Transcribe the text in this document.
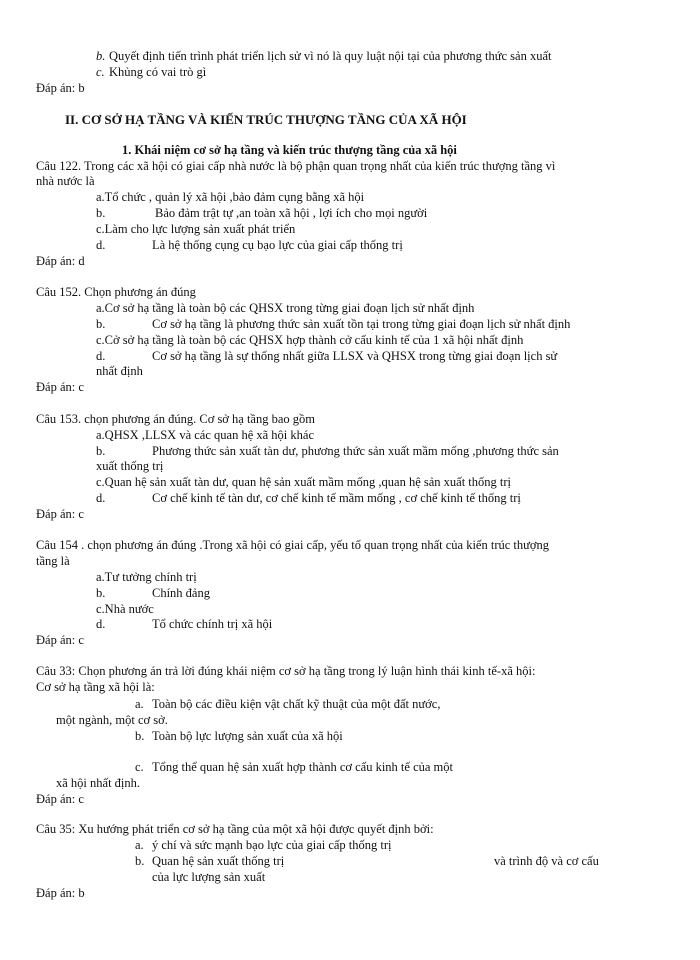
b. Quyết định tiến trình phát triển lịch sử vì nó là quy luật nội tại của phương thức sản xuất
c. Khủng có vai trò gì
Đáp án: b
II. CƠ SỞ HẠ TẦNG VÀ KIẾN TRÚC THƯỢNG TẦNG CỦA XÃ HỘI
1. Khái niệm cơ sở hạ tầng và kiến trúc thượng tầng của xã hội
Câu 122. Trong các xã hội có giai cấp nhà nước là bộ phận quan trọng nhất của kiến trúc thượng tầng vì
nhà nước là
a.Tổ chức , quản lý xã hội ,bảo đảm cụng bằng xã hội
b.	Bảo đảm trật tự ,an toàn xã hội , lợi ích cho mọi người
c.Làm cho lực lượng sản xuất phát triển
d.	Là hệ thống cụng cụ bạo lực của giai cấp thống trị
Đáp án: d
Câu 152. Chọn phương án đúng
a.Cơ sở hạ tầng là toàn bộ các QHSX trong từng giai đoạn lịch sử nhất định
b.	Cơ sở hạ tầng là phương thức sản xuất tồn tại trong từng giai đoạn lịch sử nhất định
c.Cở sở hạ tầng là toàn bộ các QHSX hợp thành cở cấu kinh tế của 1 xã hội nhất định
d.	Cơ sở hạ tầng là sự thống nhất giữa LLSX và QHSX trong từng giai đoạn lịch sử
nhất định
Đáp án: c
Câu 153. chọn phương án đúng. Cơ sở hạ tầng bao gồm
a.QHSX ,LLSX và các quan hệ xã hội khác
b.	Phương thức sản xuất tàn dư, phương thức sản xuất mầm mống ,phương thức sản
xuất thống trị
c.Quan hệ sản xuất tàn dư, quan hệ sản xuất mầm mống ,quan hệ sản xuất thống trị
d.	Cơ chế kinh tế tàn dư, cơ chế kinh tế mầm mống , cơ chế kinh tế thống trị
Đáp án: c
Câu 154 . chọn phương án đúng .Trong xã hội có giai cấp, yếu tố quan trọng nhất của kiến trúc thượng
tầng là
a.Tư tưởng chính trị
b.	Chính đảng
c.Nhà nước
d.	Tổ chức chính trị xã hội
Đáp án: c
Câu 33: Chọn phương án trả lời đúng khái niệm cơ sở hạ tầng trong lý luận hình thái kinh tế-xã hội:
Cơ sở hạ tầng xã hội là:
a. Toàn bộ các điều kiện vật chất kỹ thuật của một đất nước,
một ngành, một cơ sở.
b. Toàn bộ lực lượng sản xuất của xã hội
c. Tổng thể quan hệ sản xuất hợp thành cơ cấu kinh tế của một
xã hội nhất định.
Đáp án: c
Câu 35: Xu hướng phát triển cơ sở hạ tầng của một xã hội được quyết định bởi:
a. ý chí và sức mạnh bạo lực của giai cấp thống trị
b. Quan hệ sản xuất thống trị	và trình độ và cơ cấu
của lực lượng sản xuất
Đáp án: b
